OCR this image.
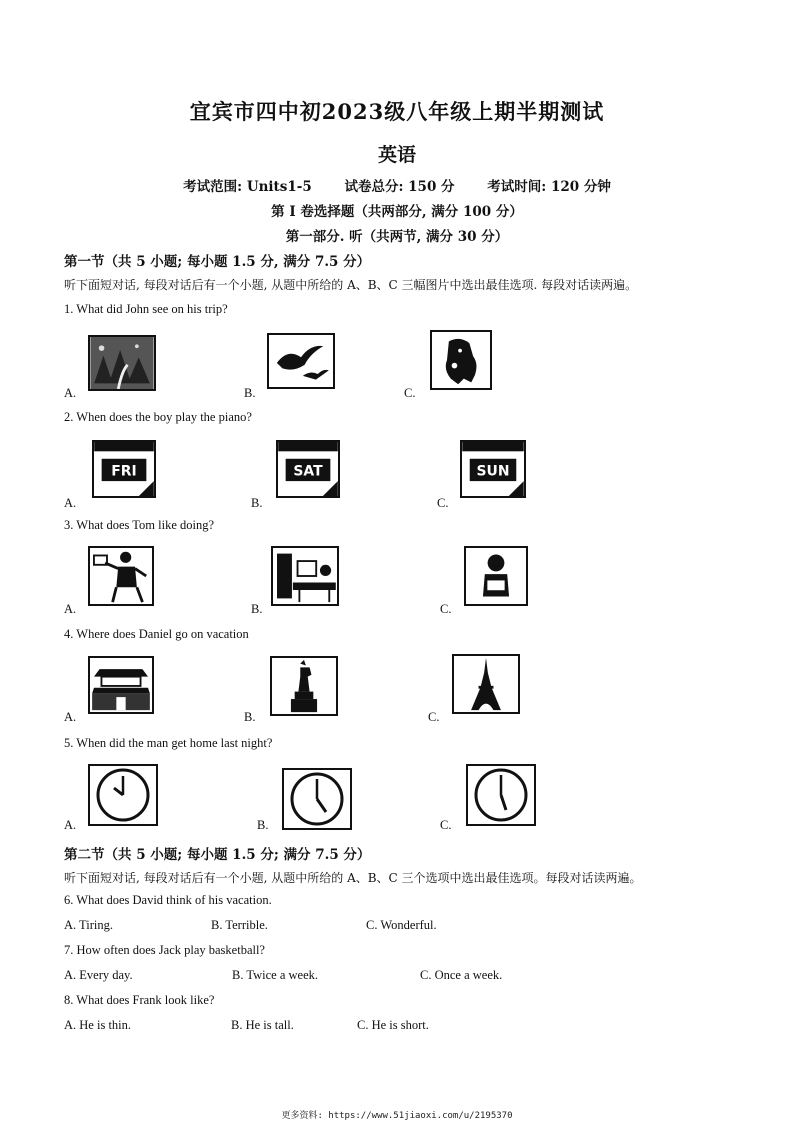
宜宾市四中初2023级八年级上期半期测试
英语
考试范围: Units1-5 试卷总分: 150 分 考试时间: 120 分钟
第 I 卷选择题（共两部分, 满分 100 分）
第一部分. 听（共两节, 满分 30 分）
第一节（共 5 小题; 每小题 1.5 分, 满分 7.5 分）
听下面短对话, 每段对话后有一个小题, 从题中所给的 A、B、C 三幅图片中选出最佳选项. 每段对话读两遍。
1. What did John see on his trip?
A.	B.	C.
2. When does the boy play the piano?
A.
FRI
B.
SAT
C.
SUN
3. What does Tom like doing?
A.	B.	C.
4. Where does Daniel go on vacation
A.	B.	C.
5. When did the man get home last night?
A.	B.	C.
第二节（共 5 小题; 每小题 1.5 分; 满分 7.5 分）
听下面短对话, 每段对话后有一个小题, 从题中所给的 A、B、C 三个选项中选出最佳选项。每段对话读两遍。
6. What does David think of his vacation.
A. Tiring.	B. Terrible.	C. Wonderful.
7. How often does Jack play basketball?
A. Every day.	B. Twice a week.	C. Once a week.
8. What does Frank look like?
A. He is thin.	B. He is tall.	C. He is short.
更多资料: https://www.51jiaoxi.com/u/2195370
